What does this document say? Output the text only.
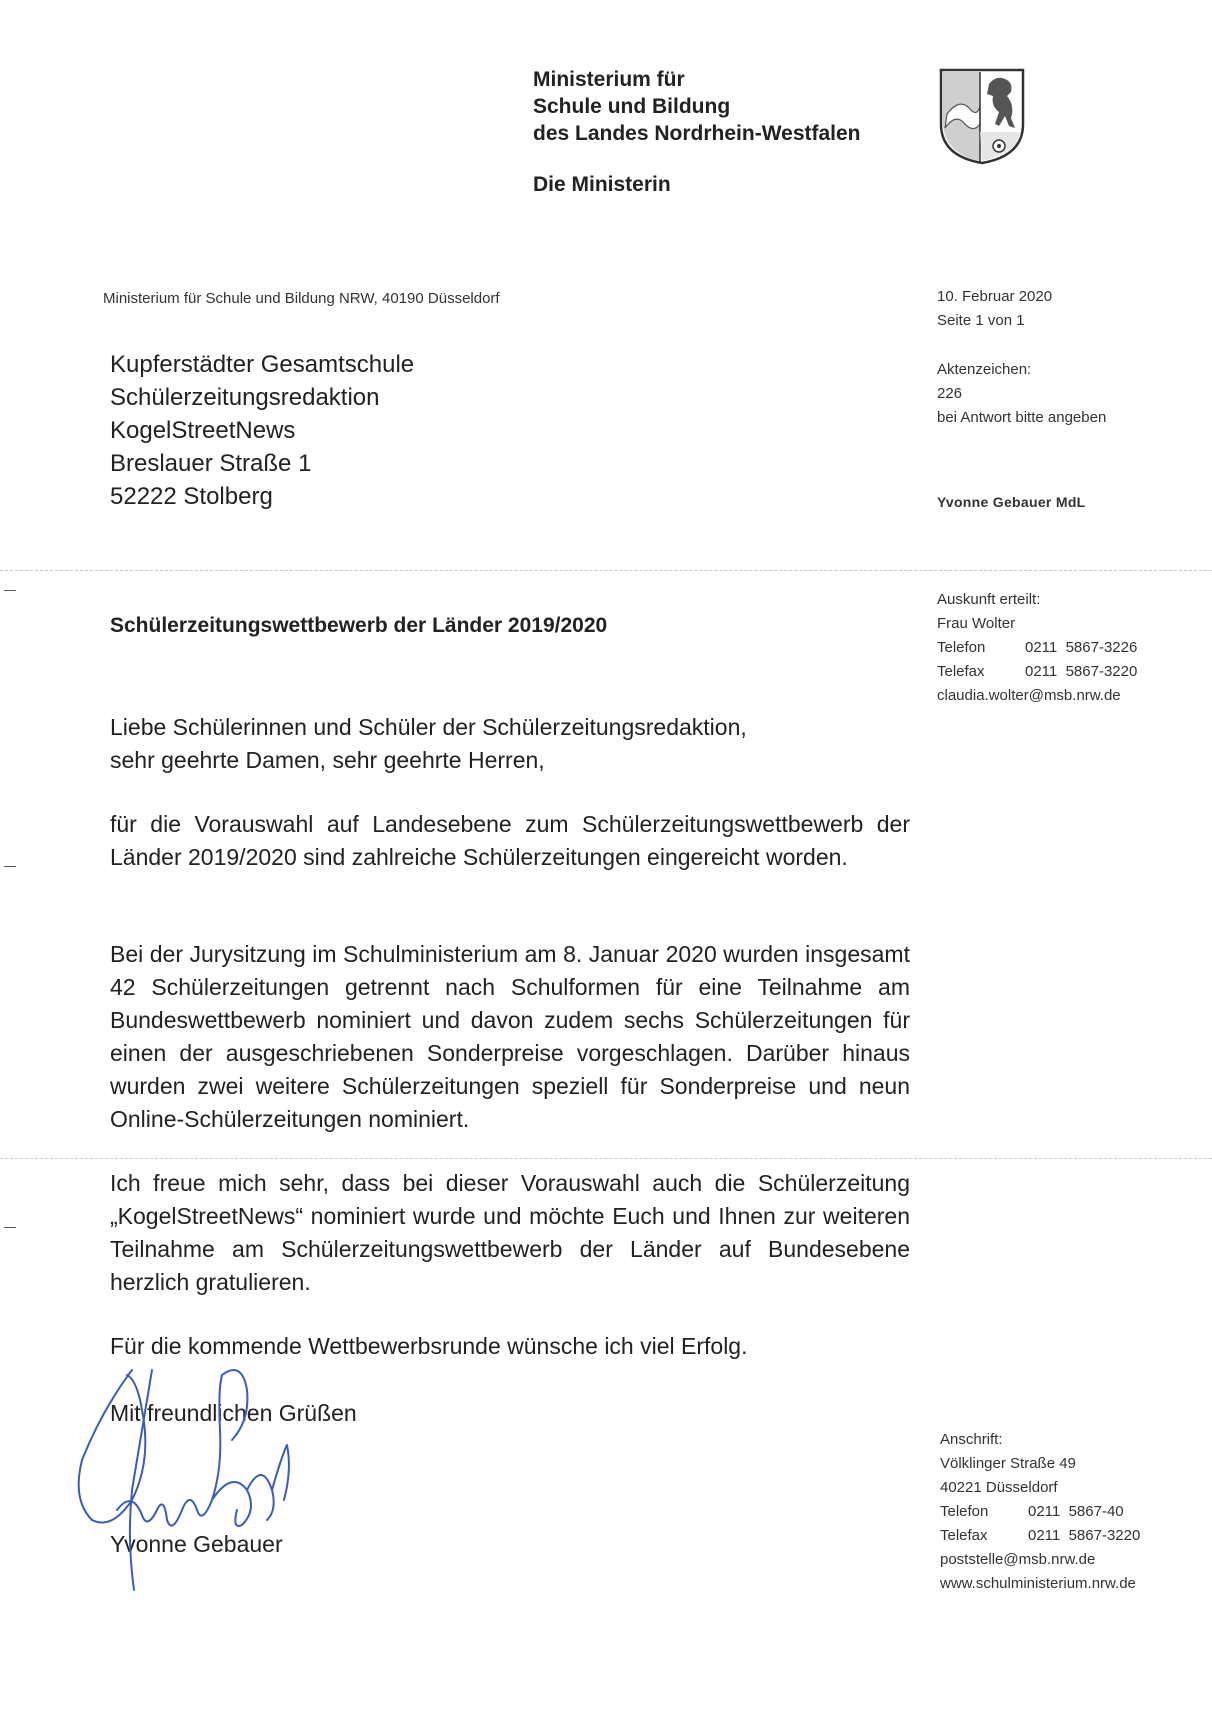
Ministerium für
Schule und Bildung
des Landes Nordrhein-Westfalen
Die Ministerin
Ministerium für Schule und Bildung NRW, 40190 Düsseldorf	10. Februar 2020
Seite 1 von 1
Aktenzeichen:
226
bei Antwort bitte angeben
Yvonne Gebauer MdL
Auskunft erteilt:
Frau Wolter
Telefon	0211  5867-3226
Telefax	0211  5867-3220
claudia.wolter@msb.nrw.de
Kupferstädter Gesamtschule
Schülerzeitungsredaktion
KogelStreetNews
Breslauer Straße 1
52222 Stolberg
Schülerzeitungswettbewerb der Länder 2019/2020
Liebe Schülerinnen und Schüler der Schülerzeitungsredaktion,
sehr geehrte Damen, sehr geehrte Herren,
für die Vorauswahl auf Landesebene zum Schülerzeitungswettbewerb der Länder 2019/2020 sind zahlreiche Schülerzeitungen eingereicht worden.
Bei der Jurysitzung im Schulministerium am 8. Januar 2020 wurden insgesamt 42 Schülerzeitungen getrennt nach Schulformen für eine Teilnahme am Bundeswettbewerb nominiert und davon zudem sechs Schülerzeitungen für einen der ausgeschriebenen Sonderpreise vorgeschlagen. Darüber hinaus wurden zwei weitere Schülerzeitungen speziell für Sonderpreise und neun Online-Schülerzeitungen nominiert.
Ich freue mich sehr, dass bei dieser Vorauswahl auch die Schülerzeitung „KogelStreetNews“ nominiert wurde und möchte Euch und Ihnen zur weiteren Teilnahme am Schülerzeitungswettbewerb der Länder auf Bundesebene herzlich gratulieren.
Für die kommende Wettbewerbsrunde wünsche ich viel Erfolg.
Mit freundlichen Grüßen
Yvonne Gebauer
Anschrift:
Völklinger Straße 49
40221 Düsseldorf
Telefon	0211  5867-40
Telefax	0211  5867-3220
poststelle@msb.nrw.de
www.schulministerium.nrw.de
